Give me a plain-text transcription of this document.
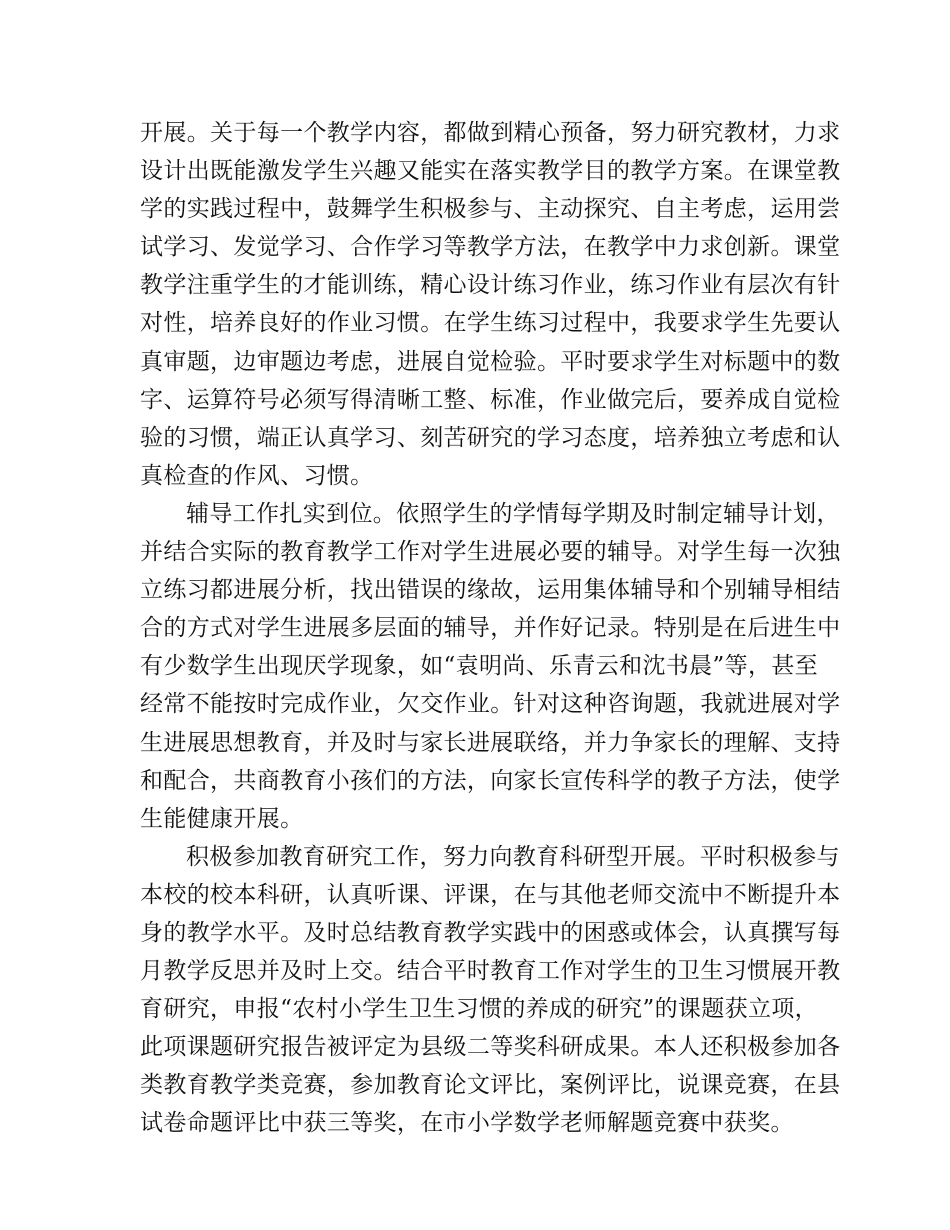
开展。关于每一个教学内容，都做到精心预备，努力研究教材，力求
设计出既能激发学生兴趣又能实在落实教学目的教学方案。在课堂教
学的实践过程中，鼓舞学生积极参与、主动探究、自主考虑，运用尝
试学习、发觉学习、合作学习等教学方法，在教学中力求创新。课堂
教学注重学生的才能训练，精心设计练习作业，练习作业有层次有针
对性，培养良好的作业习惯。在学生练习过程中，我要求学生先要认
真审题，边审题边考虑，进展自觉检验。平时要求学生对标题中的数
字、运算符号必须写得清晰工整、标准，作业做完后，要养成自觉检
验的习惯，端正认真学习、刻苦研究的学习态度，培养独立考虑和认
真检查的作风、习惯。
辅导工作扎实到位。依照学生的学情每学期及时制定辅导计划，
并结合实际的教育教学工作对学生进展必要的辅导。对学生每一次独
立练习都进展分析，找出错误的缘故，运用集体辅导和个别辅导相结
合的方式对学生进展多层面的辅导，并作好记录。特别是在后进生中
有少数学生出现厌学现象，如“袁明尚、乐青云和沈书晨”等，甚至
经常不能按时完成作业，欠交作业。针对这种咨询题，我就进展对学
生进展思想教育，并及时与家长进展联络，并力争家长的理解、支持
和配合，共商教育小孩们的方法，向家长宣传科学的教子方法，使学
生能健康开展。
积极参加教育研究工作，努力向教育科研型开展。平时积极参与
本校的校本科研，认真听课、评课，在与其他老师交流中不断提升本
身的教学水平。及时总结教育教学实践中的困惑或体会，认真撰写每
月教学反思并及时上交。结合平时教育工作对学生的卫生习惯展开教
育研究，申报“农村小学生卫生习惯的养成的研究”的课题获立项，
此项课题研究报告被评定为县级二等奖科研成果。本人还积极参加各
类教育教学类竞赛，参加教育论文评比，案例评比，说课竞赛，在县
试卷命题评比中获三等奖，在市小学数学老师解题竞赛中获奖。
